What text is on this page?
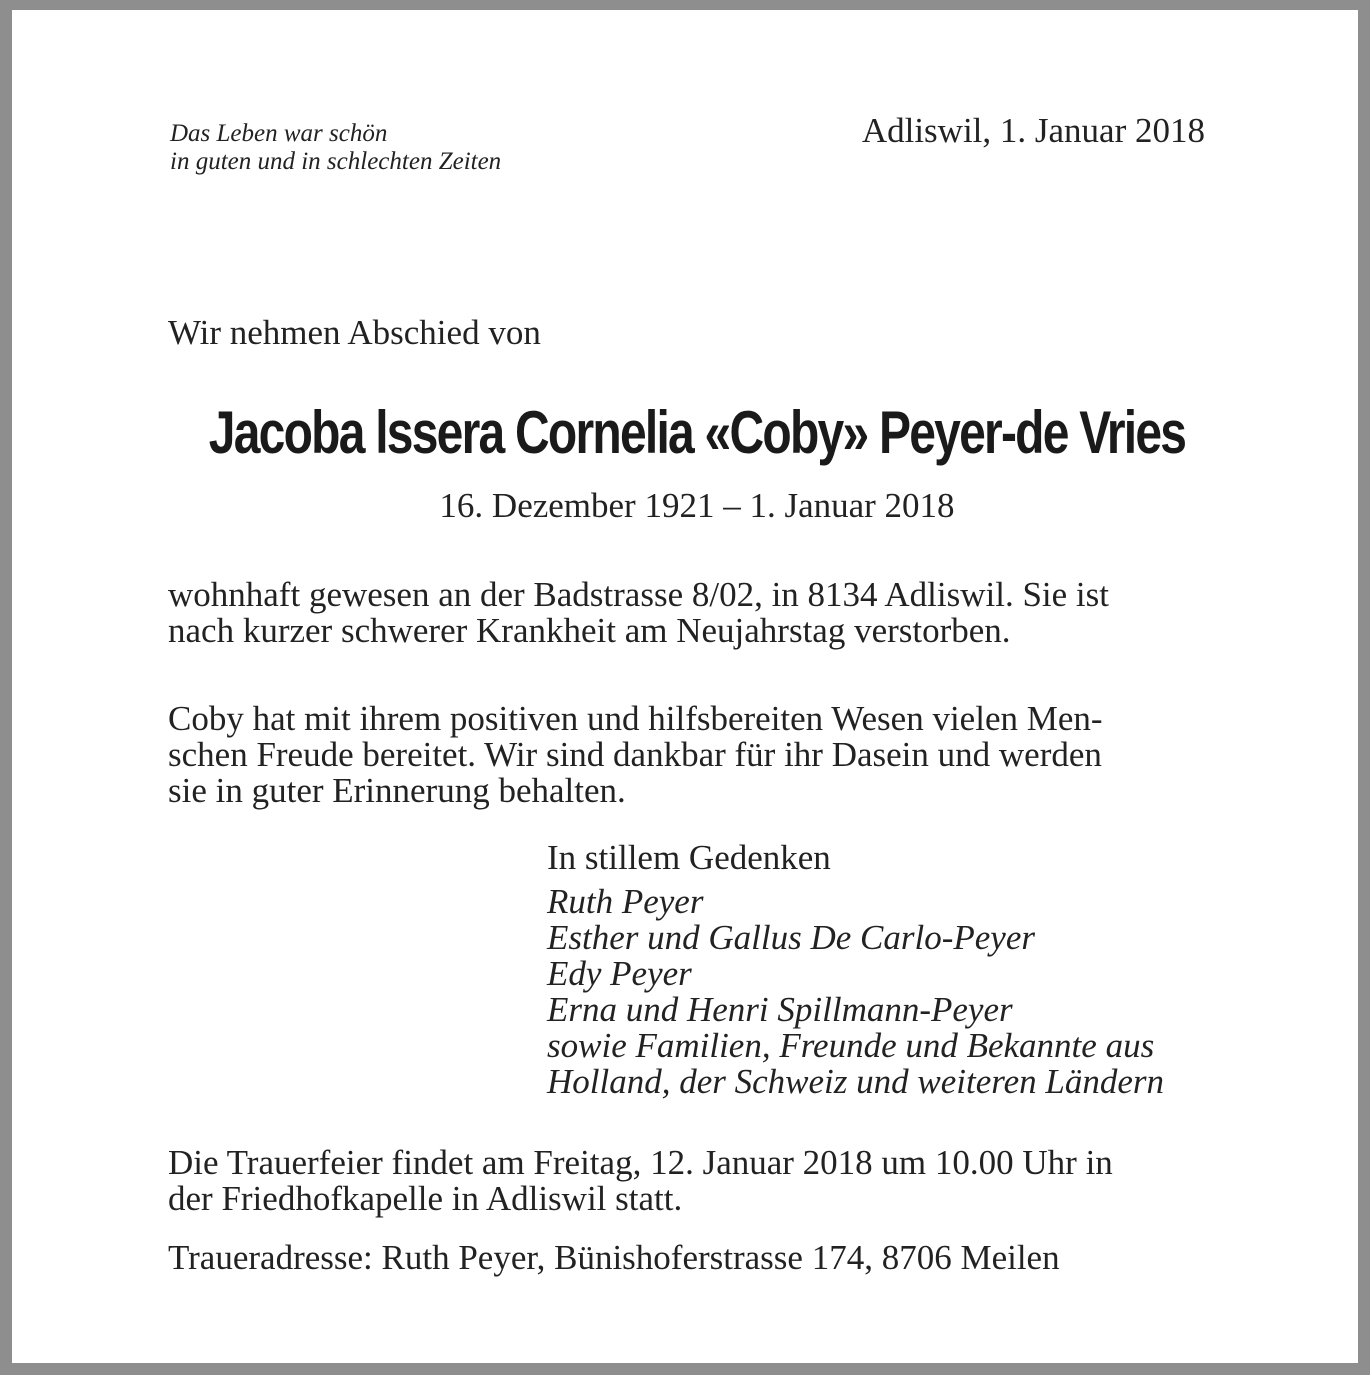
Das Leben war schön
in guten und in schlechten Zeiten
Adliswil, 1. Januar 2018
Wir nehmen Abschied von
Jacoba lssera Cornelia «Coby» Peyer-de Vries
16. Dezember 1921 – 1. Januar 2018
wohnhaft gewesen an der Badstrasse 8/02, in 8134 Adliswil. Sie ist
nach kurzer schwerer Krankheit am Neujahrstag verstorben.
Coby hat mit ihrem positiven und hilfsbereiten Wesen vielen Men-
schen Freude bereitet. Wir sind dankbar für ihr Dasein und werden
sie in guter Erinnerung behalten.
In stillem Gedenken
Ruth Peyer
Esther und Gallus De Carlo-Peyer
Edy Peyer
Erna und Henri Spillmann-Peyer
sowie Familien, Freunde und Bekannte aus
Holland, der Schweiz und weiteren Ländern
Die Trauerfeier findet am Freitag, 12. Januar 2018 um 10.00 Uhr in
der Friedhofkapelle in Adliswil statt.
Traueradresse: Ruth Peyer, Bünishoferstrasse 174, 8706 Meilen
